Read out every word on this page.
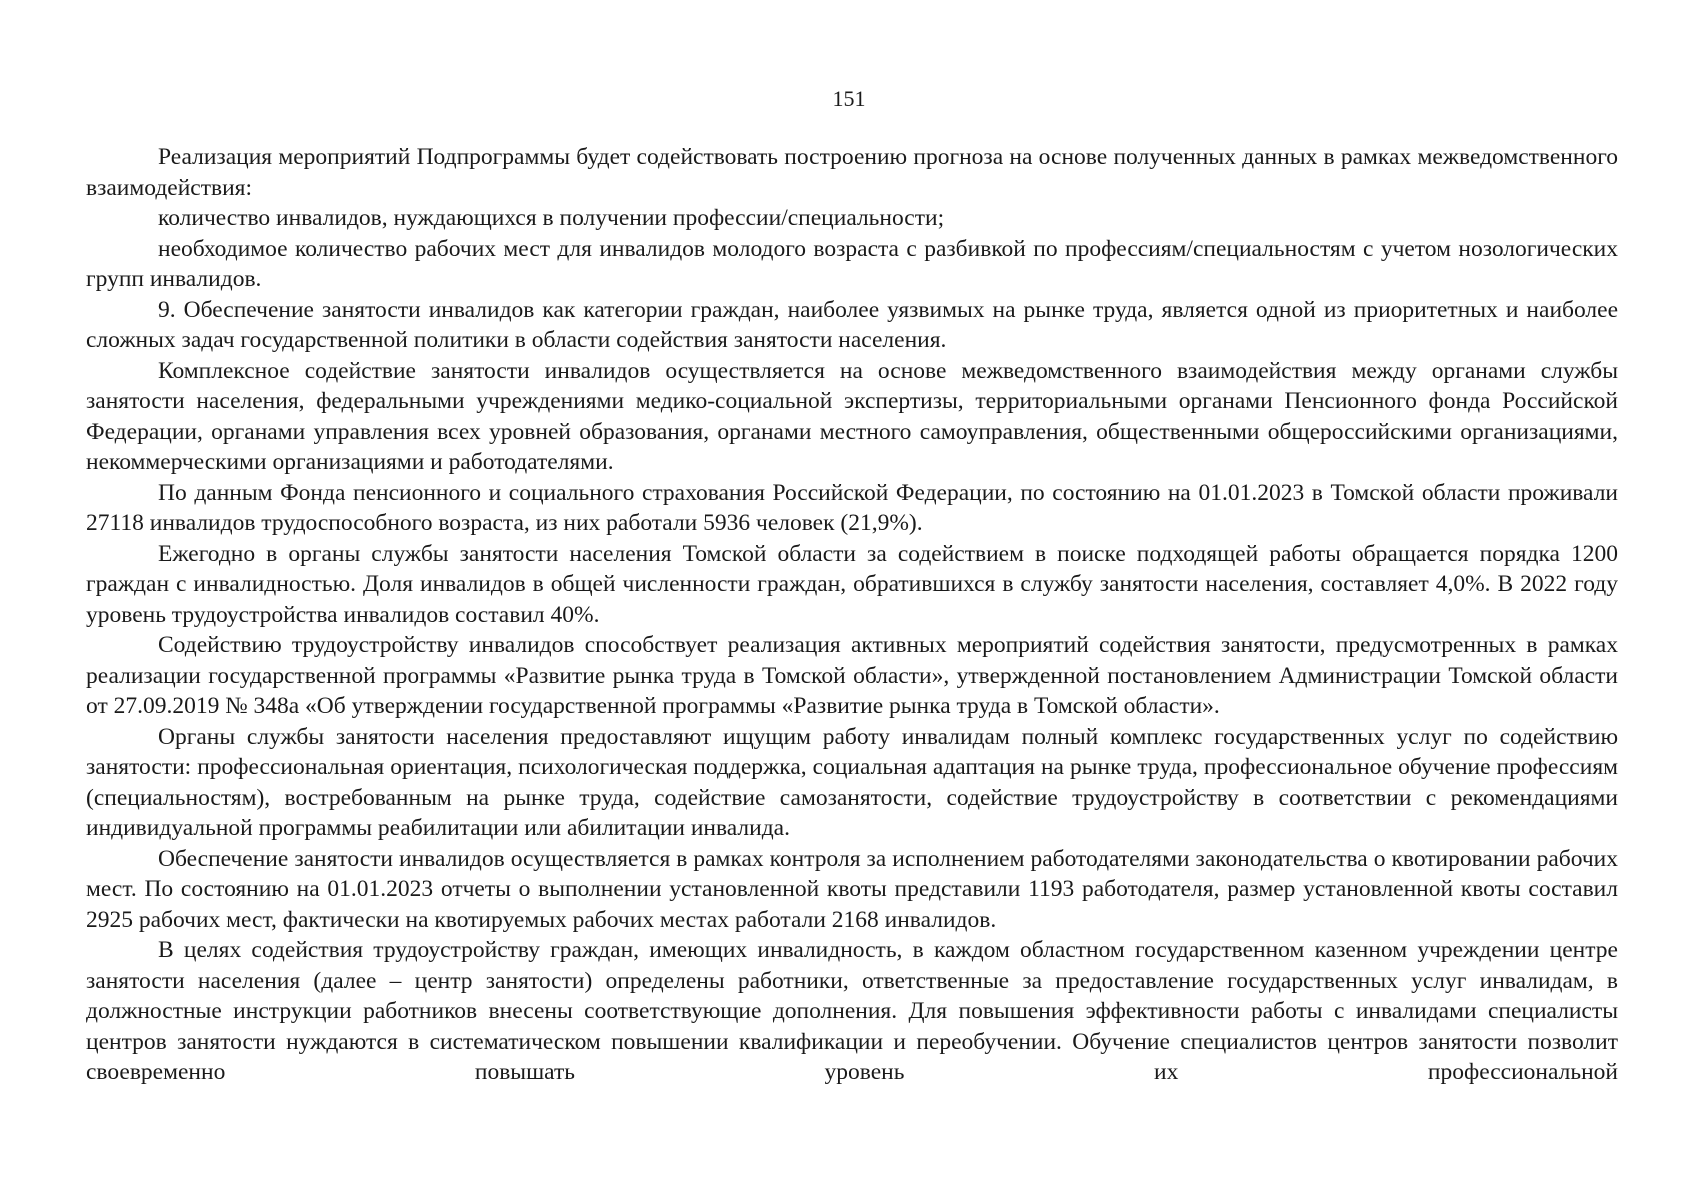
151

Реализация мероприятий Подпрограммы будет содействовать построению прогноза на основе полученных данных в рамках межведомственного взаимодействия:

количество инвалидов, нуждающихся в получении профессии/специальности;

необходимое количество рабочих мест для инвалидов молодого возраста с разбивкой по профессиям/специальностям с учетом нозологических групп инвалидов.

9. Обеспечение занятости инвалидов как категории граждан, наиболее уязвимых на рынке труда, является одной из приоритетных и наиболее сложных задач государственной политики в области содействия занятости населения.

Комплексное содействие занятости инвалидов осуществляется на основе межведомственного взаимодействия между органами службы занятости населения, федеральными учреждениями медико-социальной экспертизы, территориальными органами Пенсионного фонда Российской Федерации, органами управления всех уровней образования, органами местного самоуправления, общественными общероссийскими организациями, некоммерческими организациями и работодателями.

По данным Фонда пенсионного и социального страхования Российской Федерации, по состоянию на 01.01.2023 в Томской области проживали 27118 инвалидов трудоспособного возраста, из них работали 5936 человек (21,9%).

Ежегодно в органы службы занятости населения Томской области за содействием в поиске подходящей работы обращается порядка 1200 граждан с инвалидностью. Доля инвалидов в общей численности граждан, обратившихся в службу занятости населения, составляет 4,0%. В 2022 году уровень трудоустройства инвалидов составил 40%.

Содействию трудоустройству инвалидов способствует реализация активных мероприятий содействия занятости, предусмотренных в рамках реализации государственной программы «Развитие рынка труда в Томской области», утвержденной постановлением Администрации Томской области от 27.09.2019 № 348а «Об утверждении государственной программы «Развитие рынка труда в Томской области».

Органы службы занятости населения предоставляют ищущим работу инвалидам полный комплекс государственных услуг по содействию занятости: профессиональная ориентация, психологическая поддержка, социальная адаптация на рынке труда, профессиональное обучение профессиям (специальностям), востребованным на рынке труда, содействие самозанятости, содействие трудоустройству в соответствии с рекомендациями индивидуальной программы реабилитации или абилитации инвалида.

Обеспечение занятости инвалидов осуществляется в рамках контроля за исполнением работодателями законодательства о квотировании рабочих мест. По состоянию на 01.01.2023 отчеты о выполнении установленной квоты представили 1193 работодателя, размер установленной квоты составил 2925 рабочих мест, фактически на квотируемых рабочих местах работали 2168 инвалидов.

В целях содействия трудоустройству граждан, имеющих инвалидность, в каждом областном государственном казенном учреждении центре занятости населения (далее – центр занятости) определены работники, ответственные за предоставление государственных услуг инвалидам, в должностные инструкции работников внесены соответствующие дополнения. Для повышения эффективности работы с инвалидами специалисты центров занятости нуждаются в систематическом повышении квалификации и переобучении. Обучение специалистов центров занятости позволит своевременно повышать уровень их профессиональной
